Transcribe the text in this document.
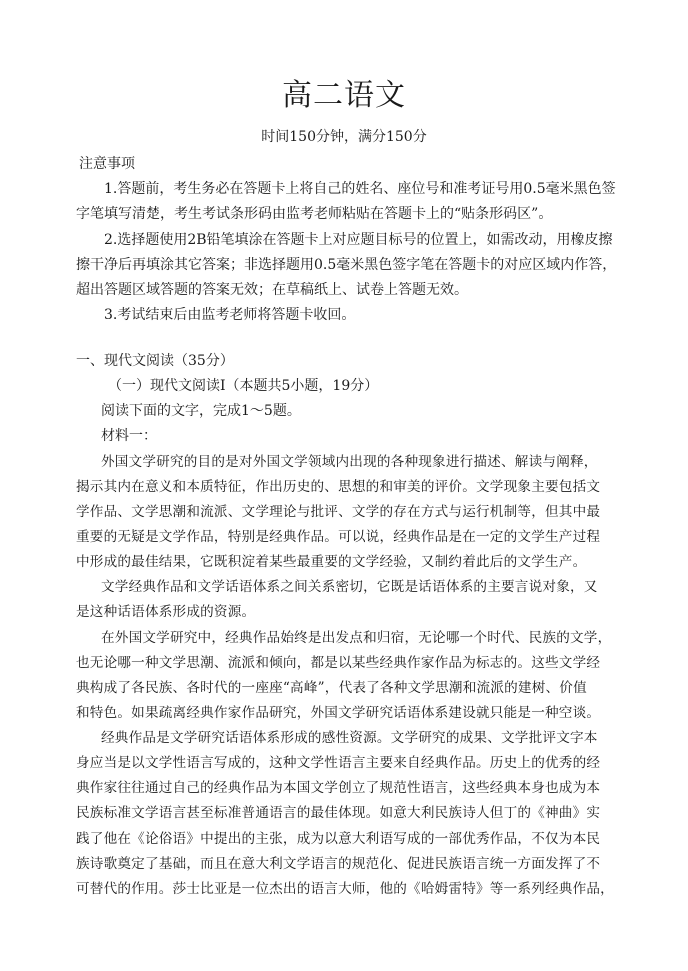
高二语文
时间150分钟，满分150分
注意事项
1.答题前，考生务必在答题卡上将自己的姓名、座位号和准考证号用0.5毫米黑色签
字笔填写清楚，考生考试条形码由监考老师粘贴在答题卡上的“贴条形码区”。
2.选择题使用2B铅笔填涂在答题卡上对应题目标号的位置上，如需改动，用橡皮擦
擦干净后再填涂其它答案；非选择题用0.5毫米黑色签字笔在答题卡的对应区域内作答，
超出答题区域答题的答案无效；在草稿纸上、试卷上答题无效。
3.考试结束后由监考老师将答题卡收回。
一、现代文阅读（35分）
（一）现代文阅读I（本题共5小题，19分）
阅读下面的文字，完成1～5题。
材料一：
外国文学研究的目的是对外国文学领域内出现的各种现象进行描述、解读与阐释，
揭示其内在意义和本质特征，作出历史的、思想的和审美的评价。文学现象主要包括文
学作品、文学思潮和流派、文学理论与批评、文学的存在方式与运行机制等，但其中最
重要的无疑是文学作品，特别是经典作品。可以说，经典作品是在一定的文学生产过程
中形成的最佳结果，它既积淀着某些最重要的文学经验，又制约着此后的文学生产。
文学经典作品和文学话语体系之间关系密切，它既是话语体系的主要言说对象，又
是这种话语体系形成的资源。
在外国文学研究中，经典作品始终是出发点和归宿，无论哪一个时代、民族的文学，
也无论哪一种文学思潮、流派和倾向，都是以某些经典作家作品为标志的。这些文学经
典构成了各民族、各时代的一座座“高峰”，代表了各种文学思潮和流派的建树、价值
和特色。如果疏离经典作家作品研究，外国文学研究话语体系建设就只能是一种空谈。
经典作品是文学研究话语体系形成的感性资源。文学研究的成果、文学批评文字本
身应当是以文学性语言写成的，这种文学性语言主要来自经典作品。历史上的优秀的经
典作家往往通过自己的经典作品为本国文学创立了规范性语言，这些经典本身也成为本
民族标准文学语言甚至标准普通语言的最佳体现。如意大利民族诗人但丁的《神曲》实
践了他在《论俗语》中提出的主张，成为以意大利语写成的一部优秀作品，不仅为本民
族诗歌奠定了基础，而且在意大利文学语言的规范化、促进民族语言统一方面发挥了不
可替代的作用。莎士比亚是一位杰出的语言大师，他的《哈姆雷特》等一系列经典作品，
